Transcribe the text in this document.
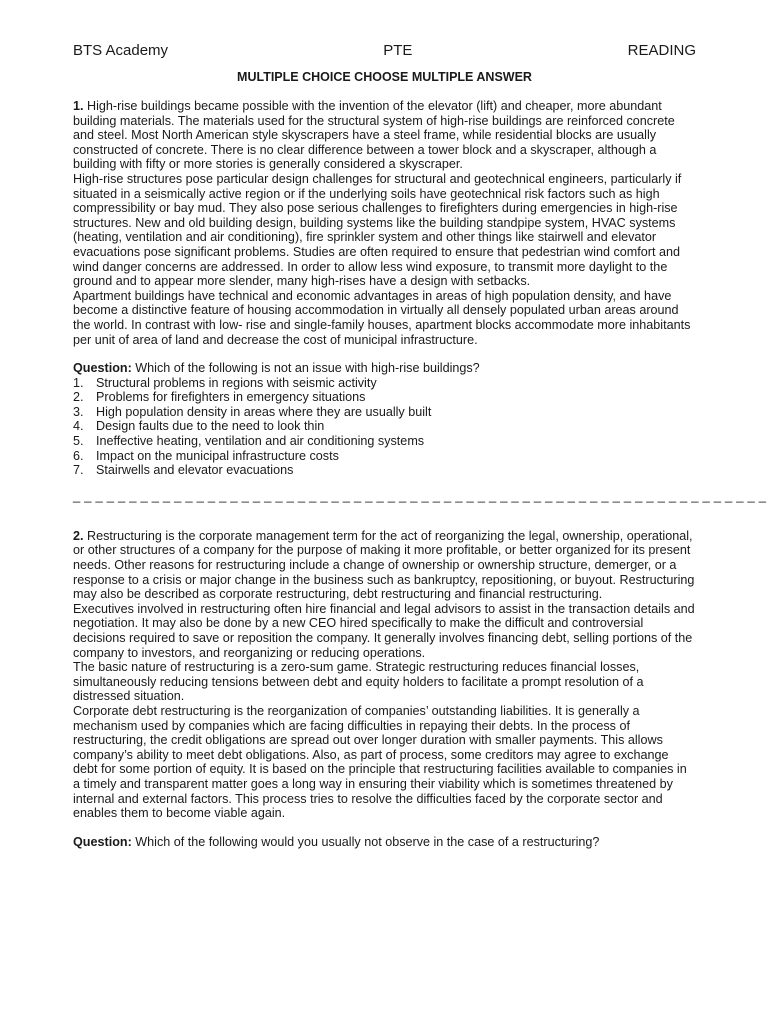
BTS Academy	PTE	READING
MULTIPLE CHOICE CHOOSE MULTIPLE ANSWER

1. High-rise buildings became possible with the invention of the elevator (lift) and cheaper, more abundant building materials. The materials used for the structural system of high-rise buildings are reinforced concrete and steel. Most North American style skyscrapers have a steel frame, while residential blocks are usually constructed of concrete. There is no clear difference between a tower block and a skyscraper, although a building with fifty or more stories is generally considered a skyscraper.

High-rise structures pose particular design challenges for structural and geotechnical engineers, particularly if situated in a seismically active region or if the underlying soils have geotechnical risk factors such as high compressibility or bay mud. They also pose serious challenges to firefighters during emergencies in high-rise structures. New and old building design, building systems like the building standpipe system, HVAC systems (heating, ventilation and air conditioning), fire sprinkler system and other things like stairwell and elevator evacuations pose significant problems. Studies are often required to ensure that pedestrian wind comfort and wind danger concerns are addressed. In order to allow less wind exposure, to transmit more daylight to the ground and to appear more slender, many high-rises have a design with setbacks.

Apartment buildings have technical and economic advantages in areas of high population density, and have become a distinctive feature of housing accommodation in virtually all densely populated urban areas around the world. In contrast with low- rise and single-family houses, apartment blocks accommodate more inhabitants per unit of area of land and decrease the cost of municipal infrastructure.

Question: Which of the following is not an issue with high-rise buildings?

1. Structural problems in regions with seismic activity
2. Problems for firefighters in emergency situations
3. High population density in areas where they are usually built
4. Design faults due to the need to look thin
5. Ineffective heating, ventilation and air conditioning systems
6. Impact on the municipal infrastructure costs
7. Stairwells and elevator evacuations
_ _ _ _ _ _ _ _ _ _ _ _ _ _ _ _ _ _ _ _ _ _ _ _ _ _ _ _ _ _ _ _ _ _ _ _ _ _ _ _ _ _ _ _ _ _ _ _ _ _ _ _ _ _ _ _ _ _ _ _ _ _

2. Restructuring is the corporate management term for the act of reorganizing the legal, ownership, operational, or other structures of a company for the purpose of making it more profitable, or better organized for its present needs. Other reasons for restructuring include a change of ownership or ownership structure, demerger, or a response to a crisis or major change in the business such as bankruptcy, repositioning, or buyout. Restructuring may also be described as corporate restructuring, debt restructuring and financial restructuring.

Executives involved in restructuring often hire financial and legal advisors to assist in the transaction details and negotiation. It may also be done by a new CEO hired specifically to make the difficult and controversial decisions required to save or reposition the company. It generally involves financing debt, selling portions of the company to investors, and reorganizing or reducing operations.

The basic nature of restructuring is a zero-sum game. Strategic restructuring reduces financial losses, simultaneously reducing tensions between debt and equity holders to facilitate a prompt resolution of a distressed situation.

Corporate debt restructuring is the reorganization of companies’ outstanding liabilities. It is generally a mechanism used by companies which are facing difficulties in repaying their debts. In the process of restructuring, the credit obligations are spread out over longer duration with smaller payments. This allows company’s ability to meet debt obligations. Also, as part of process, some creditors may agree to exchange debt for some portion of equity. It is based on the principle that restructuring facilities available to companies in a timely and transparent matter goes a long way in ensuring their viability which is sometimes threatened by internal and external factors. This process tries to resolve the difficulties faced by the corporate sector and enables them to become viable again.

Question: Which of the following would you usually not observe in the case of a restructuring?
